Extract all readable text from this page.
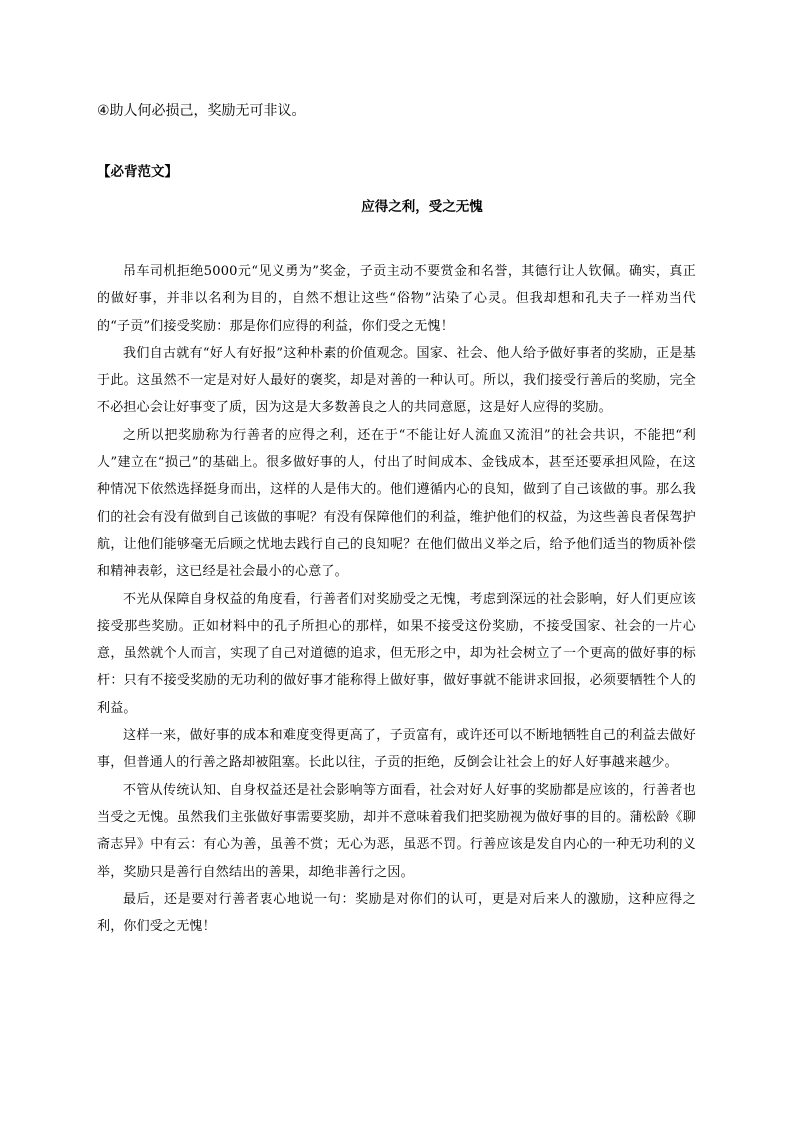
④助人何必损己，奖励无可非议。
【必背范文】
应得之利，受之无愧

吊车司机拒绝5000元“见义勇为”奖金，子贡主动不要赏金和名誉，其德行让人钦佩。确实，真正的做好事，并非以名利为目的，自然不想让这些“俗物”沾染了心灵。但我却想和孔夫子一样劝当代的“子贡”们接受奖励：那是你们应得的利益，你们受之无愧！

我们自古就有“好人有好报”这种朴素的价值观念。国家、社会、他人给予做好事者的奖励，正是基于此。这虽然不一定是对好人最好的褒奖，却是对善的一种认可。所以，我们接受行善后的奖励，完全不必担心会让好事变了质，因为这是大多数善良之人的共同意愿，这是好人应得的奖励。

之所以把奖励称为行善者的应得之利，还在于“不能让好人流血又流泪”的社会共识，不能把“利人”建立在“损己”的基础上。很多做好事的人，付出了时间成本、金钱成本，甚至还要承担风险，在这种情况下依然选择挺身而出，这样的人是伟大的。他们遵循内心的良知，做到了自己该做的事。那么我们的社会有没有做到自己该做的事呢？有没有保障他们的利益，维护他们的权益，为这些善良者保驾护航，让他们能够毫无后顾之忧地去践行自己的良知呢？在他们做出义举之后，给予他们适当的物质补偿和精神表彰，这已经是社会最小的心意了。

不光从保障自身权益的角度看，行善者们对奖励受之无愧，考虑到深远的社会影响，好人们更应该接受那些奖励。正如材料中的孔子所担心的那样，如果不接受这份奖励，不接受国家、社会的一片心意，虽然就个人而言，实现了自己对道德的追求，但无形之中，却为社会树立了一个更高的做好事的标杆：只有不接受奖励的无功利的做好事才能称得上做好事，做好事就不能讲求回报，必须要牺牲个人的利益。

这样一来，做好事的成本和难度变得更高了，子贡富有，或许还可以不断地牺牲自己的利益去做好事，但普通人的行善之路却被阻塞。长此以往，子贡的拒绝，反倒会让社会上的好人好事越来越少。

不管从传统认知、自身权益还是社会影响等方面看，社会对好人好事的奖励都是应该的，行善者也当受之无愧。虽然我们主张做好事需要奖励，却并不意味着我们把奖励视为做好事的目的。蒲松龄《聊斋志异》中有云：有心为善，虽善不赏；无心为恶，虽恶不罚。行善应该是发自内心的一种无功利的义举，奖励只是善行自然结出的善果，却绝非善行之因。

最后，还是要对行善者衷心地说一句：奖励是对你们的认可，更是对后来人的激励，这种应得之利，你们受之无愧！
